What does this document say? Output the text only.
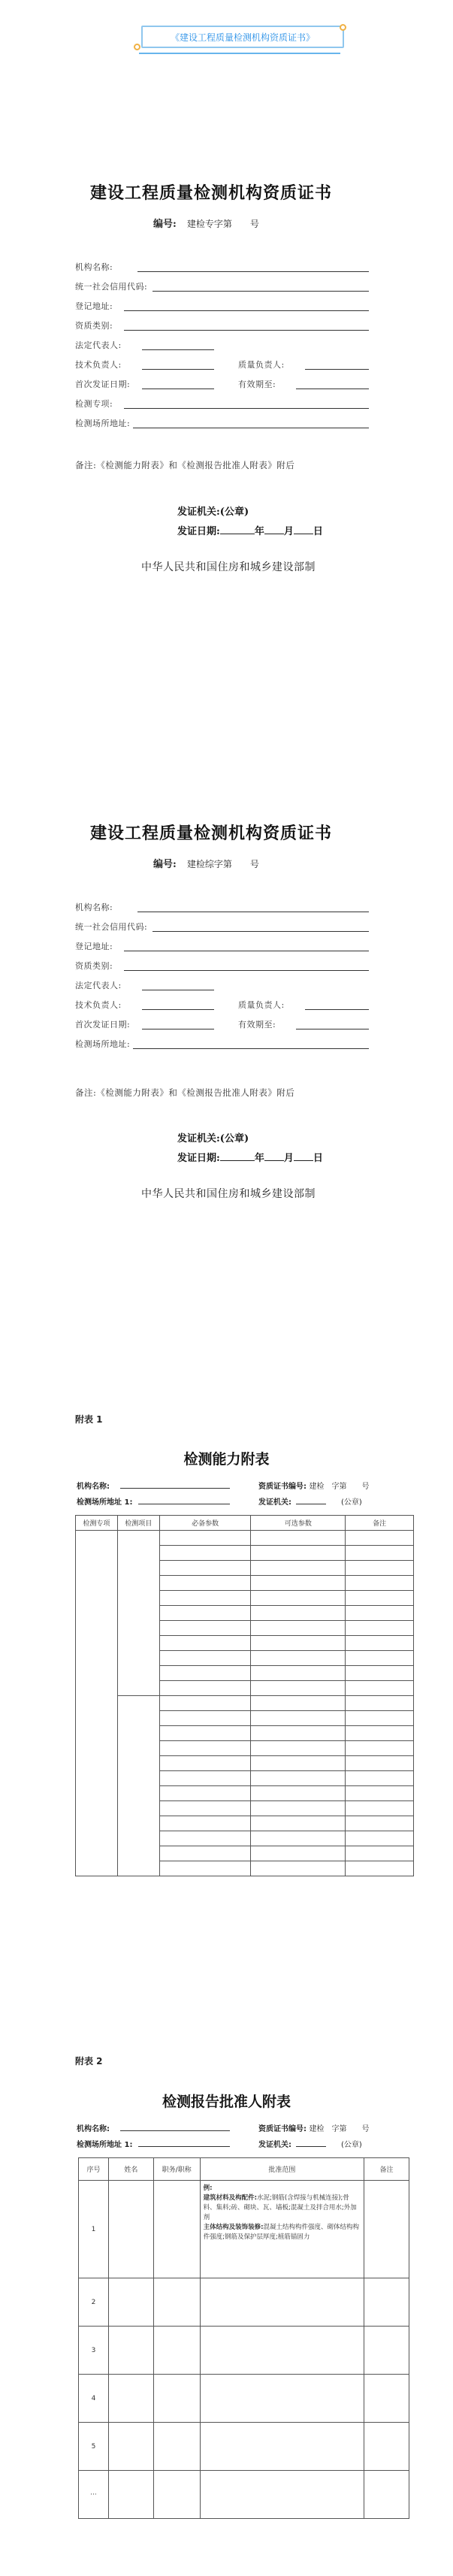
《建设工程质量检测机构资质证书》
建设工程质量检测机构资质证书
编号: 建检专字第　　号
机构名称:
统一社会信用代码:
登记地址:
资质类别:
法定代表人:
技术负责人:	质量负责人:
首次发证日期:	有效期至:
检测专项:
检测场所地址:
备注:《检测能力附表》和《检测报告批准人附表》附后
发证机关:(公章)
发证日期:	年 月 日
中华人民共和国住房和城乡建设部制
建设工程质量检测机构资质证书
编号: 建检综字第　　号
机构名称:
统一社会信用代码:
登记地址:
资质类别:
法定代表人:
技术负责人:	质量负责人:
首次发证日期:	有效期至:
检测场所地址:
备注:《检测能力附表》和《检测报告批准人附表》附后
发证机关:(公章)
发证日期:	年 月 日
中华人民共和国住房和城乡建设部制
附表 1
检测能力附表
机构名称:	资质证书编号: 建检　字第　　号
检测场所地址 1:	发证机关:	(公章)
检测专项	检测项目	必备参数	可选参数	备注

附表 2
检测报告批准人附表
机构名称:	资质证书编号: 建检　字第　　号
检测场所地址 1:	发证机关:	(公章)
序号	姓名	职务/职称	批准范围	备注
1			例:
建筑材料及构配件:水泥;钢筋(含焊接与机械连接);骨料、集料;砖、砌块、瓦、墙板;混凝土及拌合用水;外加剂
主体结构及装饰装修:混凝土结构构件强度、砌体结构构件强度;钢筋及保护层厚度;植筋锚固力	

2				
3				
4				
5				
···				
